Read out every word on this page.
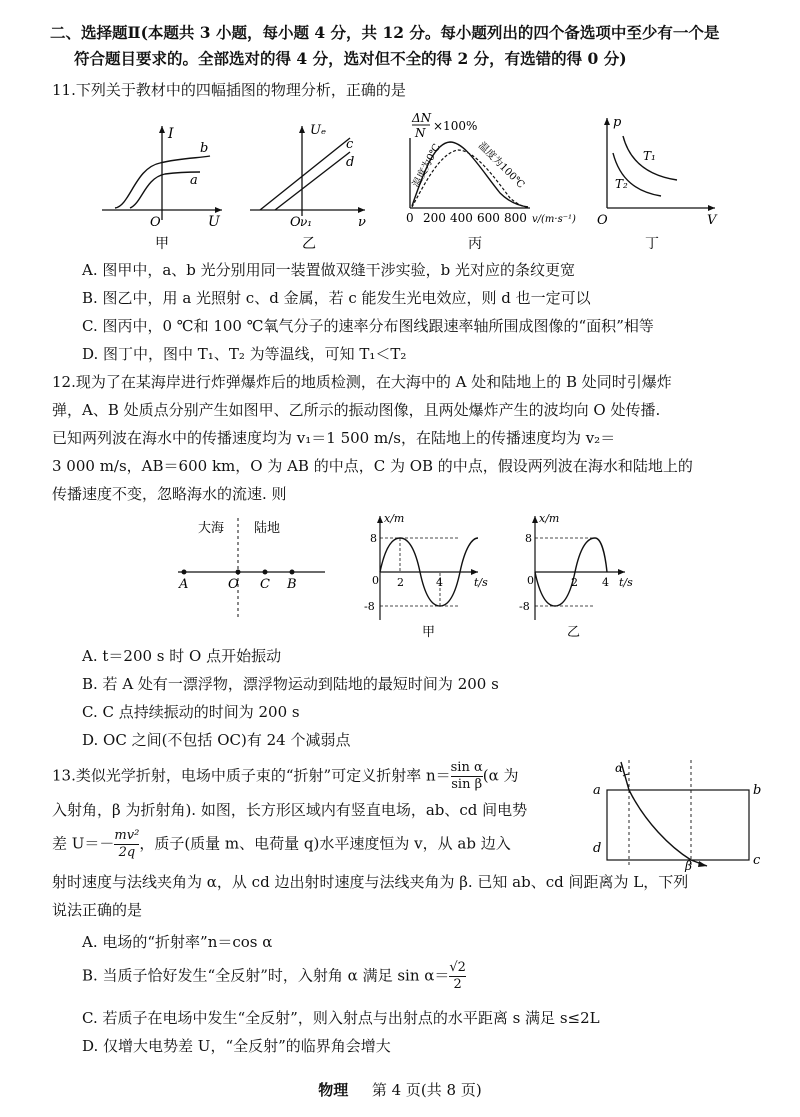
二、选择题Ⅱ(本题共 3 小题，每小题 4 分，共 12 分。每小题列出的四个备选项中至少有一个是
符合题目要求的。全部选对的得 4 分，选对但不全的得 2 分，有选错的得 0 分)
11.下列关于教材中的四幅插图的物理分析，正确的是
I
U
O
b
a
甲
Uₑ
ν
O ν₁
c
d
乙
ΔN
N ×100%
温度为0℃	温度为100℃
0 200 400 600 800 v/(m·s⁻¹)
丙
p
V
O
T₁
T₂
丁
A. 图甲中，a、b 光分别用同一装置做双缝干涉实验，b 光对应的条纹更宽
B. 图乙中，用 a 光照射 c、d 金属，若 c 能发生光电效应，则 d 也一定可以
C. 图丙中，0 ℃和 100 ℃氧气分子的速率分布图线跟速率轴所围成图像的“面积”相等
D. 图丁中，图中 T₁、T₂ 为等温线，可知 T₁＜T₂
12.现为了在某海岸进行炸弹爆炸后的地质检测，在大海中的 A 处和陆地上的 B 处同时引爆炸
弹，A、B 处质点分别产生如图甲、乙所示的振动图像，且两处爆炸产生的波均向 O 处传播.
已知两列波在海水中的传播速度均为 v₁＝1 500 m/s，在陆地上的传播速度均为 v₂＝
3 000 m/s，AB＝600 km，O 为 AB 的中点，C 为 OB 的中点，假设两列波在海水和陆地上的
传播速度不变，忽略海水的流速. 则
大海 陆地
A	O C B
x/m
t/s
0
8
-8
2	4
甲
x/m
t/s
0
8
-8
2 4
乙
A. t＝200 s 时 O 点开始振动
B. 若 A 处有一漂浮物，漂浮物运动到陆地的最短时间为 200 s
C. C 点持续振动的时间为 200 s
D. OC 之间(不包括 OC)有 24 个减弱点
13.类似光学折射，电场中质子束的“折射”可定义折射率 $n= \frac{\text{sin α}}{\text{sin β}} (\alpha$ 为
入射角，β 为折射角). 如图，长方形区域内有竖直电场，ab、cd 间电势
差 $U=- \frac{\text{mv²}}{2q}$ ，质子(质量 m、电荷量 q)水平速度恒为 v，从 ab 边入
射时速度与法线夹角为 α，从 cd 边出射时速度与法线夹角为 β. 已知 ab、cd 间距离为 L，下列
说法正确的是
a	b
c
d
α
β
A. 电场的“折射率”n＝cos α
B. 当质子恰好发生“全反射”时，入射角 α 满足 $\sin \alpha= \frac{√2}{2}$
C. 若质子在电场中发生“全反射”，则入射点与出射点的水平距离 s 满足 s≤2L
D. 仅增大电势差 U，“全反射”的临界角会增大
物理 第 4 页(共 8 页)
